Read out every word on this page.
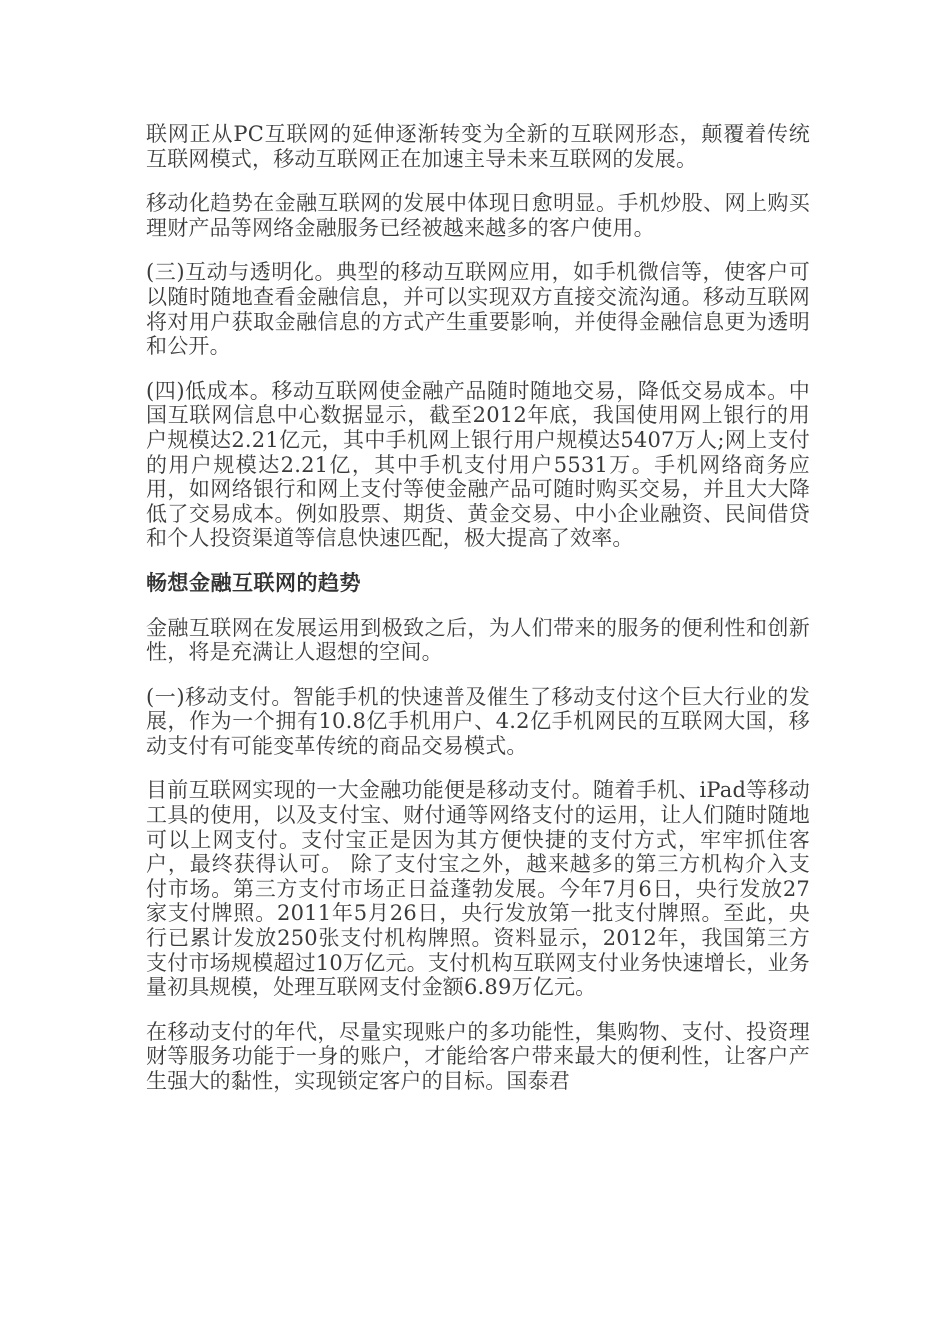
联网正从PC互联网的延伸逐渐转变为全新的互联网形态，颠覆着传统互联网模式，移动互联网正在加速主导未来互联网的发展。

移动化趋势在金融互联网的发展中体现日愈明显。手机炒股、网上购买理财产品等网络金融服务已经被越来越多的客户使用。

(三)互动与透明化。典型的移动互联网应用，如手机微信等，使客户可以随时随地查看金融信息，并可以实现双方直接交流沟通。移动互联网将对用户获取金融信息的方式产生重要影响，并使得金融信息更为透明和公开。

(四)低成本。移动互联网使金融产品随时随地交易，降低交易成本。中国互联网信息中心数据显示，截至2012年底，我国使用网上银行的用户规模达2.21亿元，其中手机网上银行用户规模达5407万人;网上支付的用户规模达2.21亿，其中手机支付用户5531万。手机网络商务应用，如网络银行和网上支付等使金融产品可随时购买交易，并且大大降低了交易成本。例如股票、期货、黄金交易、中小企业融资、民间借贷和个人投资渠道等信息快速匹配，极大提高了效率。

畅想金融互联网的趋势

金融互联网在发展运用到极致之后，为人们带来的服务的便利性和创新性，将是充满让人遐想的空间。

(一)移动支付。智能手机的快速普及催生了移动支付这个巨大行业的发展，作为一个拥有10.8亿手机用户、4.2亿手机网民的互联网大国，移动支付有可能变革传统的商品交易模式。

目前互联网实现的一大金融功能便是移动支付。随着手机、iPad等移动工具的使用，以及支付宝、财付通等网络支付的运用，让人们随时随地可以上网支付。支付宝正是因为其方便快捷的支付方式，牢牢抓住客户，最终获得认可。 除了支付宝之外，越来越多的第三方机构介入支付市场。第三方支付市场正日益蓬勃发展。今年7月6日，央行发放27家支付牌照。2011年5月26日，央行发放第一批支付牌照。至此，央行已累计发放250张支付机构牌照。资料显示，2012年，我国第三方支付市场规模超过10万亿元。支付机构互联网支付业务快速增长，业务量初具规模，处理互联网支付金额6.89万亿元。

在移动支付的年代，尽量实现账户的多功能性，集购物、支付、投资理财等服务功能于一身的账户，才能给客户带来最大的便利性，让客户产生强大的黏性，实现锁定客户的目标。国泰君
